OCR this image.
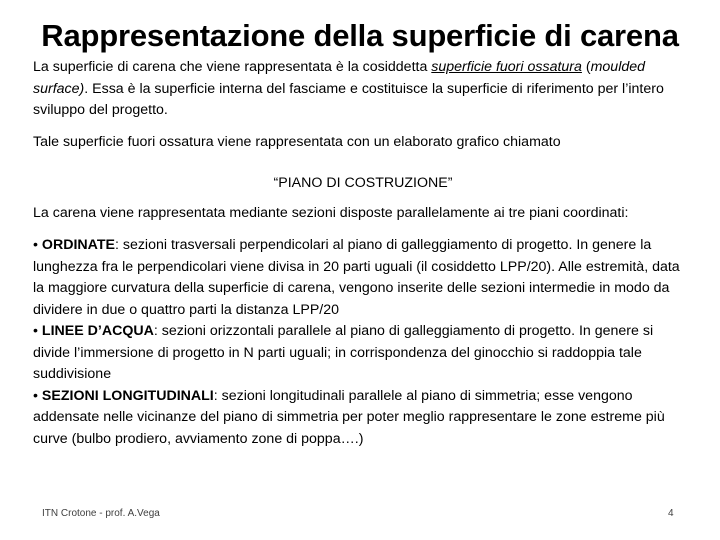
Rappresentazione della superficie di carena

La superficie di carena che viene rappresentata è la cosiddetta superficie fuori ossatura (moulded surface). Essa è la superficie interna del fasciame e costituisce la superficie di riferimento per l’intero sviluppo del progetto.

Tale superficie fuori ossatura viene rappresentata con un elaborato grafico chiamato

“PIANO DI COSTRUZIONE”

La carena viene rappresentata mediante sezioni disposte parallelamente ai tre piani coordinati:

• ORDINATE: sezioni trasversali perpendicolari al piano di galleggiamento di progetto. In genere la lunghezza fra le perpendicolari viene divisa in 20 parti uguali (il cosiddetto LPP/20). Alle estremità, data la maggiore curvatura della superficie di carena, vengono inserite delle sezioni intermedie in modo da dividere in due o quattro parti la distanza LPP/20

• LINEE D’ACQUA: sezioni orizzontali parallele al piano di galleggiamento di progetto. In genere si divide l’immersione di progetto in N parti uguali; in corrispondenza del ginocchio si raddoppia tale suddivisione

• SEZIONI LONGITUDINALI: sezioni longitudinali parallele al piano di simmetria; esse vengono addensate nelle vicinanze del piano di simmetria per poter meglio rappresentare le zone estreme più curve (bulbo prodiero, avviamento zone di poppa….)

ITN Crotone - prof. A.Vega	4
